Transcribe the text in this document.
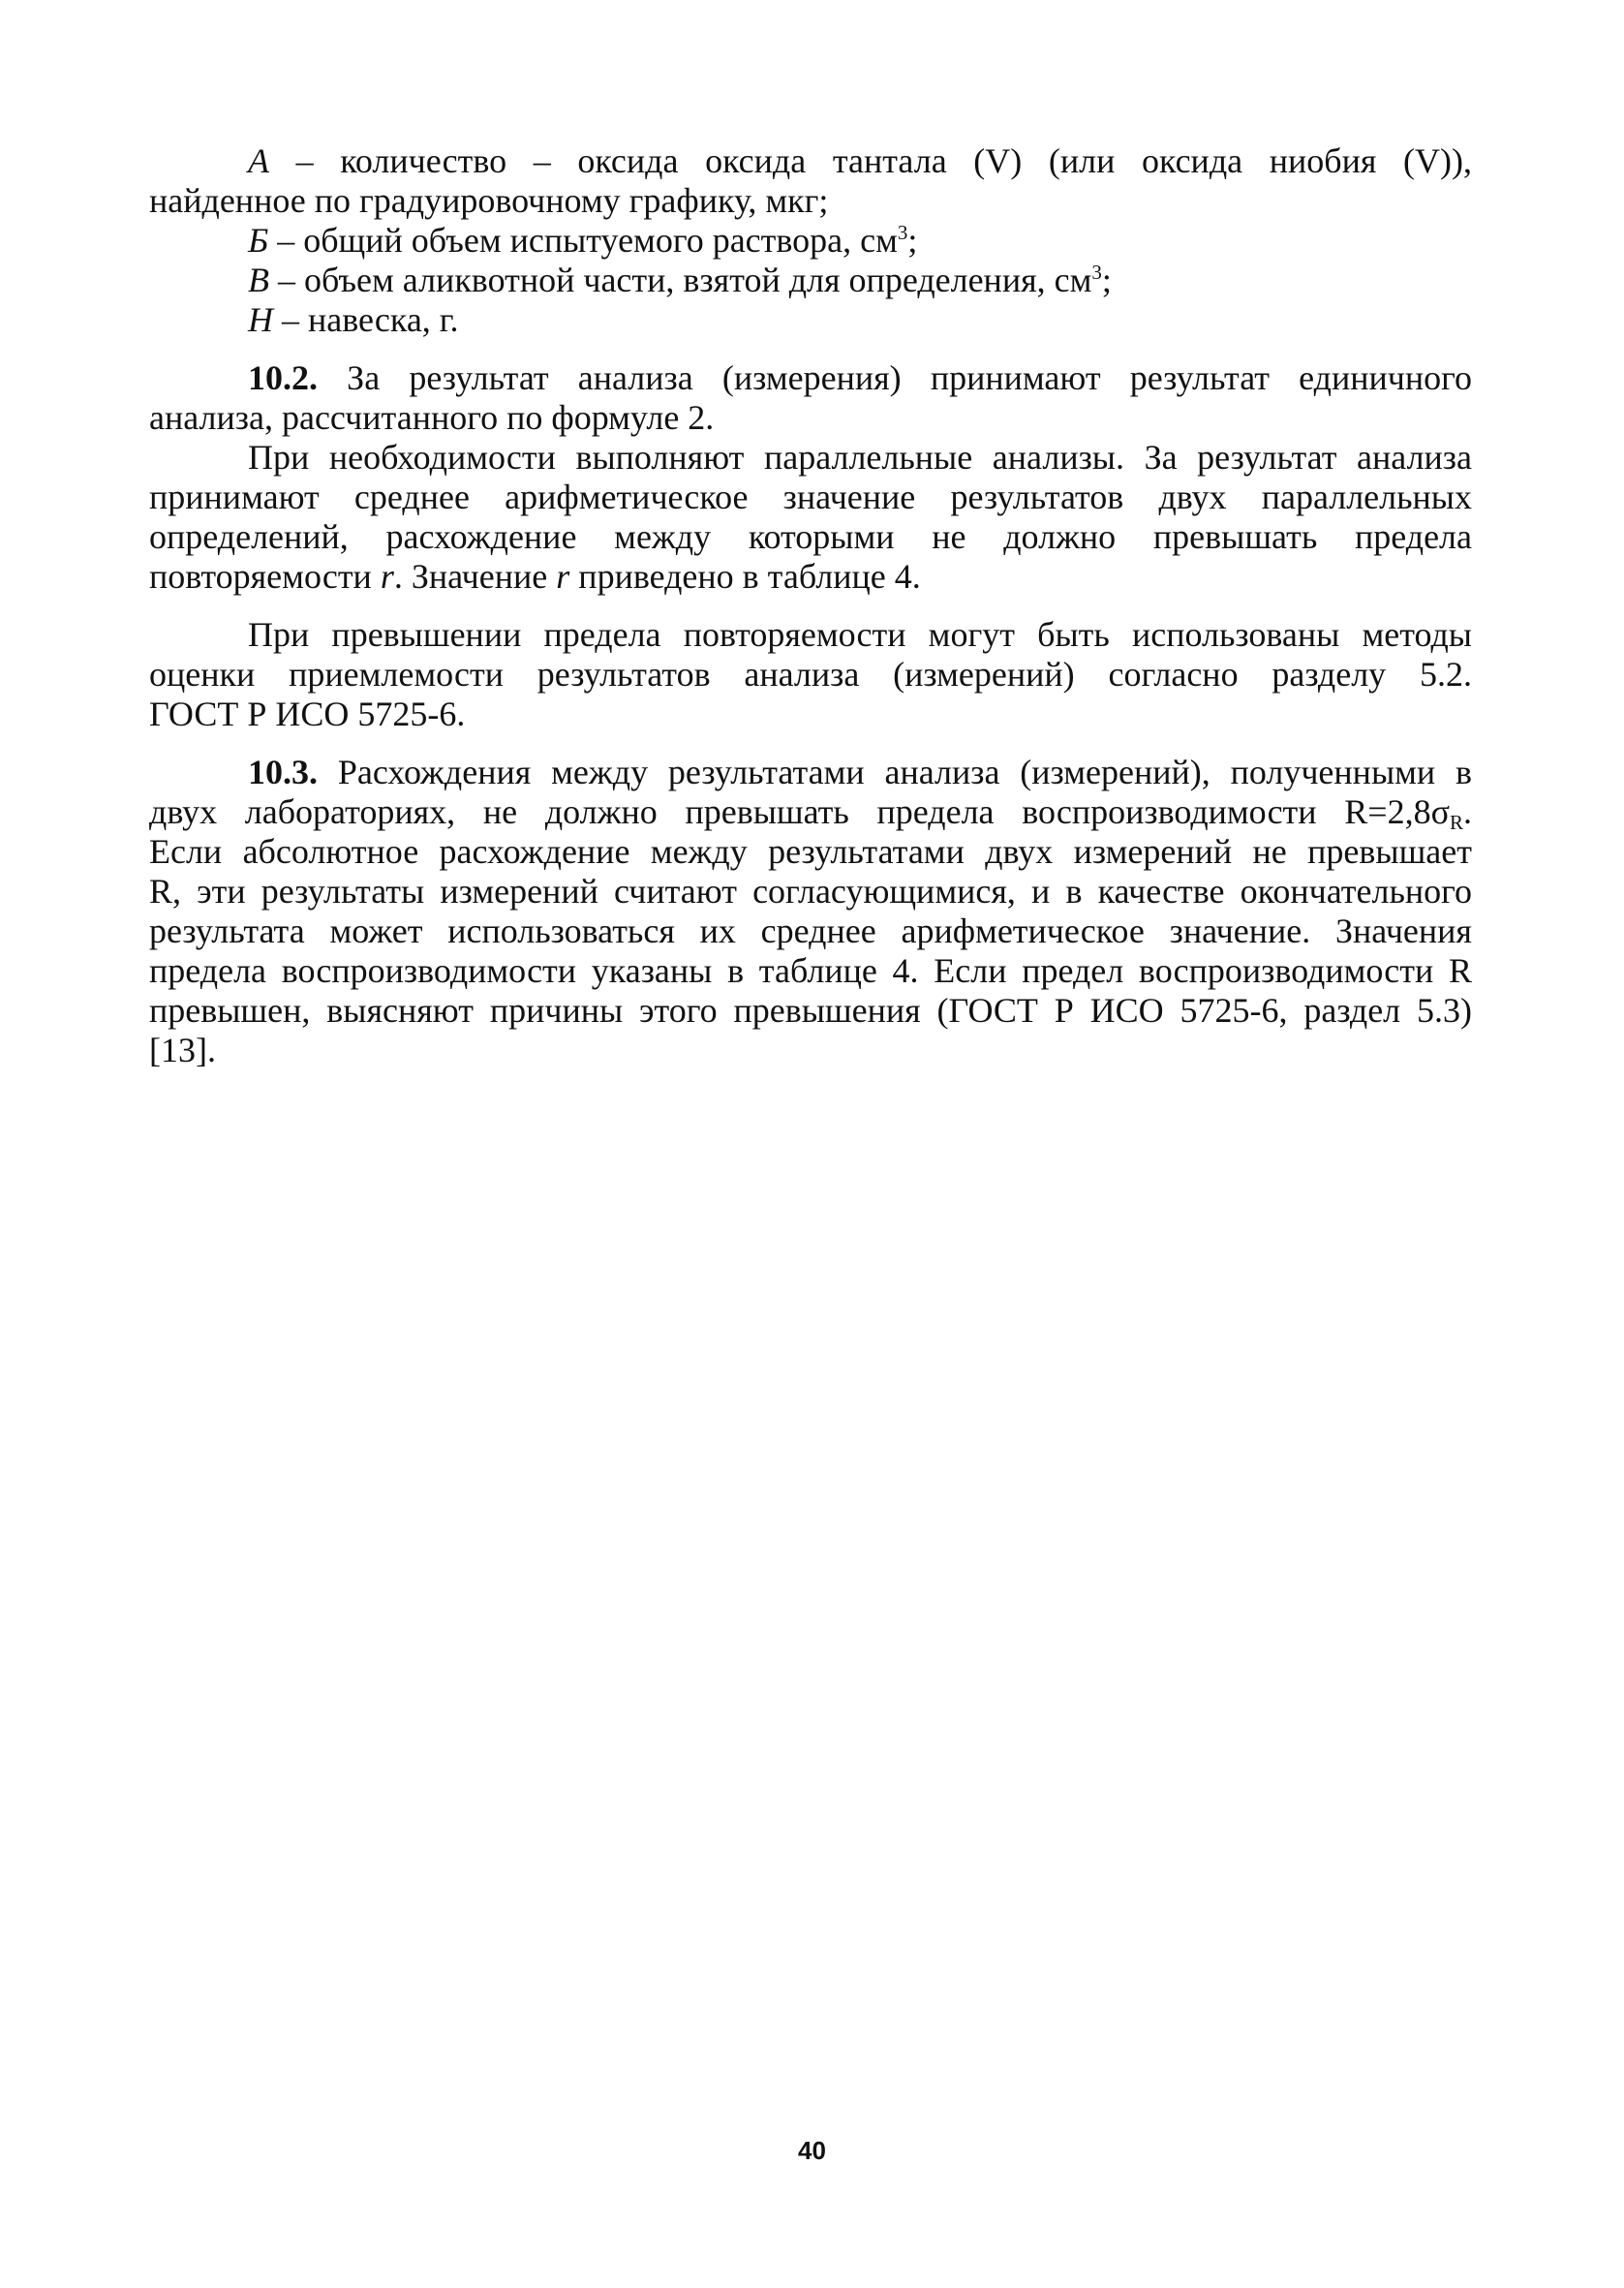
А – количество – оксида оксида тантала (V) (или оксида ниобия (V)),
найденное по градуировочному графику, мкг;
Б – общий объем испытуемого раствора, $см^3$;
В – объем аликвотной части, взятой для определения, $см^3$;
Н – навеска, г.
10.2. За результат анализа (измерения) принимают результат единичного
анализа, рассчитанного по формуле 2.
При необходимости выполняют параллельные анализы. За результат анализа
принимают среднее арифметическое значение результатов двух параллельных
определений, расхождение между которыми не должно превышать предела
повторяемости r. Значение r приведено в таблице 4.
При превышении предела повторяемости могут быть использованы методы
оценки приемлемости результатов анализа (измерений) согласно разделу 5.2.
ГОСТ Р ИСО 5725-6.
10.3. Расхождения между результатами анализа (измерений), полученными в
двух лабораториях, не должно превышать предела воспроизводимости $R=2,8\sigma_R$.
Если абсолютное расхождение между результатами двух измерений не превышает
R, эти результаты измерений считают согласующимися, и в качестве окончательного
результата может использоваться их среднее арифметическое значение. Значения
предела воспроизводимости указаны в таблице 4. Если предел воспроизводимости R
превышен, выясняют причины этого превышения (ГОСТ Р ИСО 5725-6, раздел 5.3)
[13].
40
